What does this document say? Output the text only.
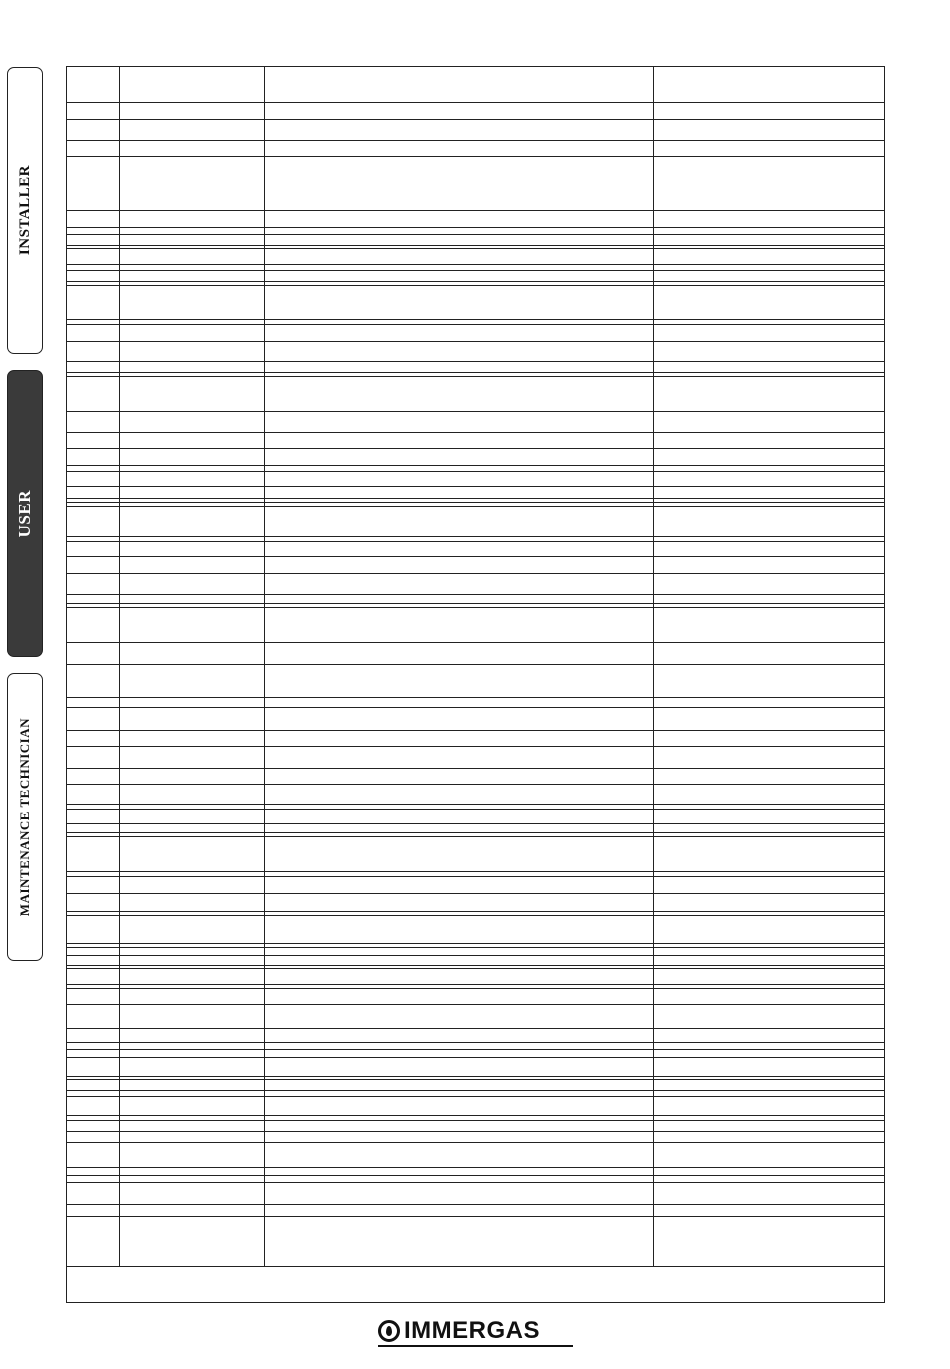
INSTALLER
USER
MAINTENANCE TECHNICIAN
IMMERGAS
